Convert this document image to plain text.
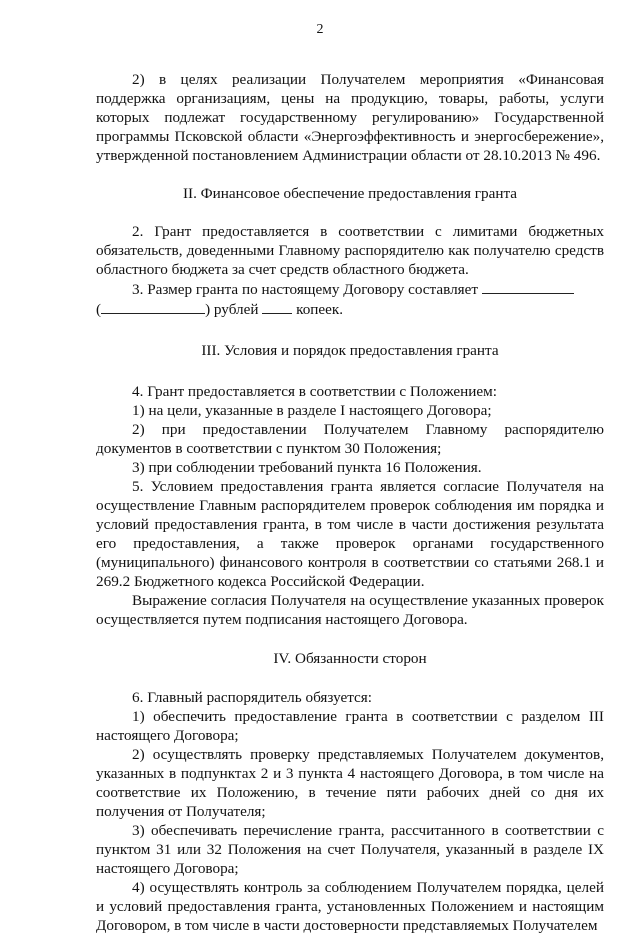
2

2) в целях реализации Получателем мероприятия «Финансовая поддержка организациям, цены на продукцию, товары, работы, услуги которых подлежат государственному регулированию» Государственной программы Псковской области «Энергоэффективность и энергосбережение», утвержденной постановлением Администрации области от 28.10.2013 № 496.

II. Финансовое обеспечение предоставления гранта

2. Грант предоставляется в соответствии с лимитами бюджетных обязательств, доведенными Главному распорядителю как получателю средств областного бюджета за счет средств областного бюджета.

3. Размер гранта по настоящему Договору составляет

(	) рублей копеек.

III. Условия и порядок предоставления гранта

4. Грант предоставляется в соответствии с Положением:

1) на цели, указанные в разделе I настоящего Договора;

2) при предоставлении Получателем Главному распорядителю документов в соответствии с пунктом 30 Положения;

3) при соблюдении требований пункта 16 Положения.

5. Условием предоставления гранта является согласие Получателя на осуществление Главным распорядителем проверок соблюдения им порядка и условий предоставления гранта, в том числе в части достижения результата его предоставления, а также проверок органами государственного (муниципального) финансового контроля в соответствии со статьями 268.1 и 269.2 Бюджетного кодекса Российской Федерации.

Выражение согласия Получателя на осуществление указанных проверок осуществляется путем подписания настоящего Договора.

IV. Обязанности сторон

6. Главный распорядитель обязуется:

1) обеспечить предоставление гранта в соответствии с разделом III настоящего Договора;

2) осуществлять проверку представляемых Получателем документов, указанных в подпунктах 2 и 3 пункта 4 настоящего Договора, в том числе на соответствие их Положению, в течение пяти рабочих дней со дня их получения от Получателя;

3) обеспечивать перечисление гранта, рассчитанного в соответствии с пунктом 31 или 32 Положения на счет Получателя, указанный в разделе IX настоящего Договора;

4) осуществлять контроль за соблюдением Получателем порядка, целей и условий предоставления гранта, установленных Положением и настоящим Договором, в том числе в части достоверности представляемых Получателем
